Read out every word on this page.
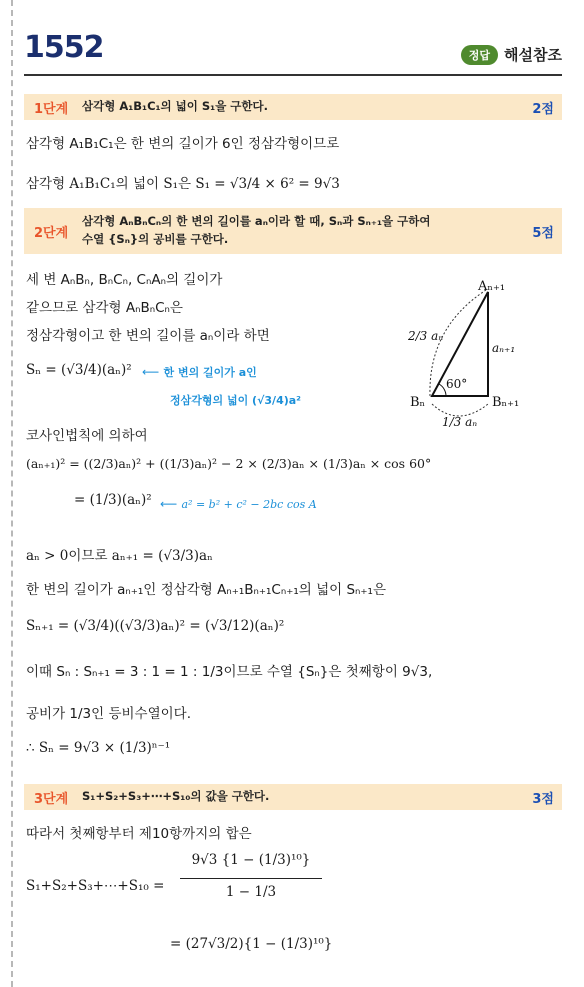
1552	정답 해설참조
1단계	삼각형 A₁B₁C₁의 넓이 S₁을 구한다.	2점
삼각형 A₁B₁C₁은 한 변의 길이가 6인 정삼각형이므로
삼각형 A₁B₁C₁의 넓이 S₁은 S₁ = √3/4 × 6² = 9√3
2단계
삼각형 AₙBₙCₙ의 한 변의 길이를 aₙ이라 할 때, Sₙ과 Sₙ₊₁을 구하여
수열 {Sₙ}의 공비를 구한다.	5점
세 변 AₙBₙ, BₙCₙ, CₙAₙ의 길이가
같으므로 삼각형 AₙBₙCₙ은
정삼각형이고 한 변의 길이를 aₙ이라 하면
Sₙ = (√3/4)(aₙ)² ⟵ 한 변의 길이가 a인
정삼각형의 넓이 (√3/4)a²
코사인법칙에 의하여
(aₙ₊₁)² = ((2/3)aₙ)² + ((1/3)aₙ)² − 2 × (2/3)aₙ × (1/3)aₙ × cos 60°
= (1/3)(aₙ)² ⟵ a² = b² + c² − 2bc cos A
aₙ > 0이므로 aₙ₊₁ = (√3/3)aₙ
한 변의 길이가 aₙ₊₁인 정삼각형 Aₙ₊₁Bₙ₊₁Cₙ₊₁의 넓이 Sₙ₊₁은
Sₙ₊₁ = (√3/4)((√3/3)aₙ)² = (√3/12)(aₙ)²
이때 Sₙ : Sₙ₊₁ = 3 : 1 = 1 : 1/3이므로 수열 {Sₙ}은 첫째항이 9√3,
공비가 1/3인 등비수열이다.
∴ Sₙ = 9√3 × (1/3)ⁿ⁻¹
3단계	S₁+S₂+S₃+⋯+S₁₀의 값을 구한다.	3점
따라서 첫째항부터 제10항까지의 합은
S₁+S₂+S₃+⋯+S₁₀ =
9√3 {1 − (1/3)¹⁰}
1 − 1/3
= (27√3/2){1 − (1/3)¹⁰}
Aₙ₊₁
Bₙ	Bₙ₊₁
2/3 aₙ
aₙ₊₁
1/3 aₙ
60°
